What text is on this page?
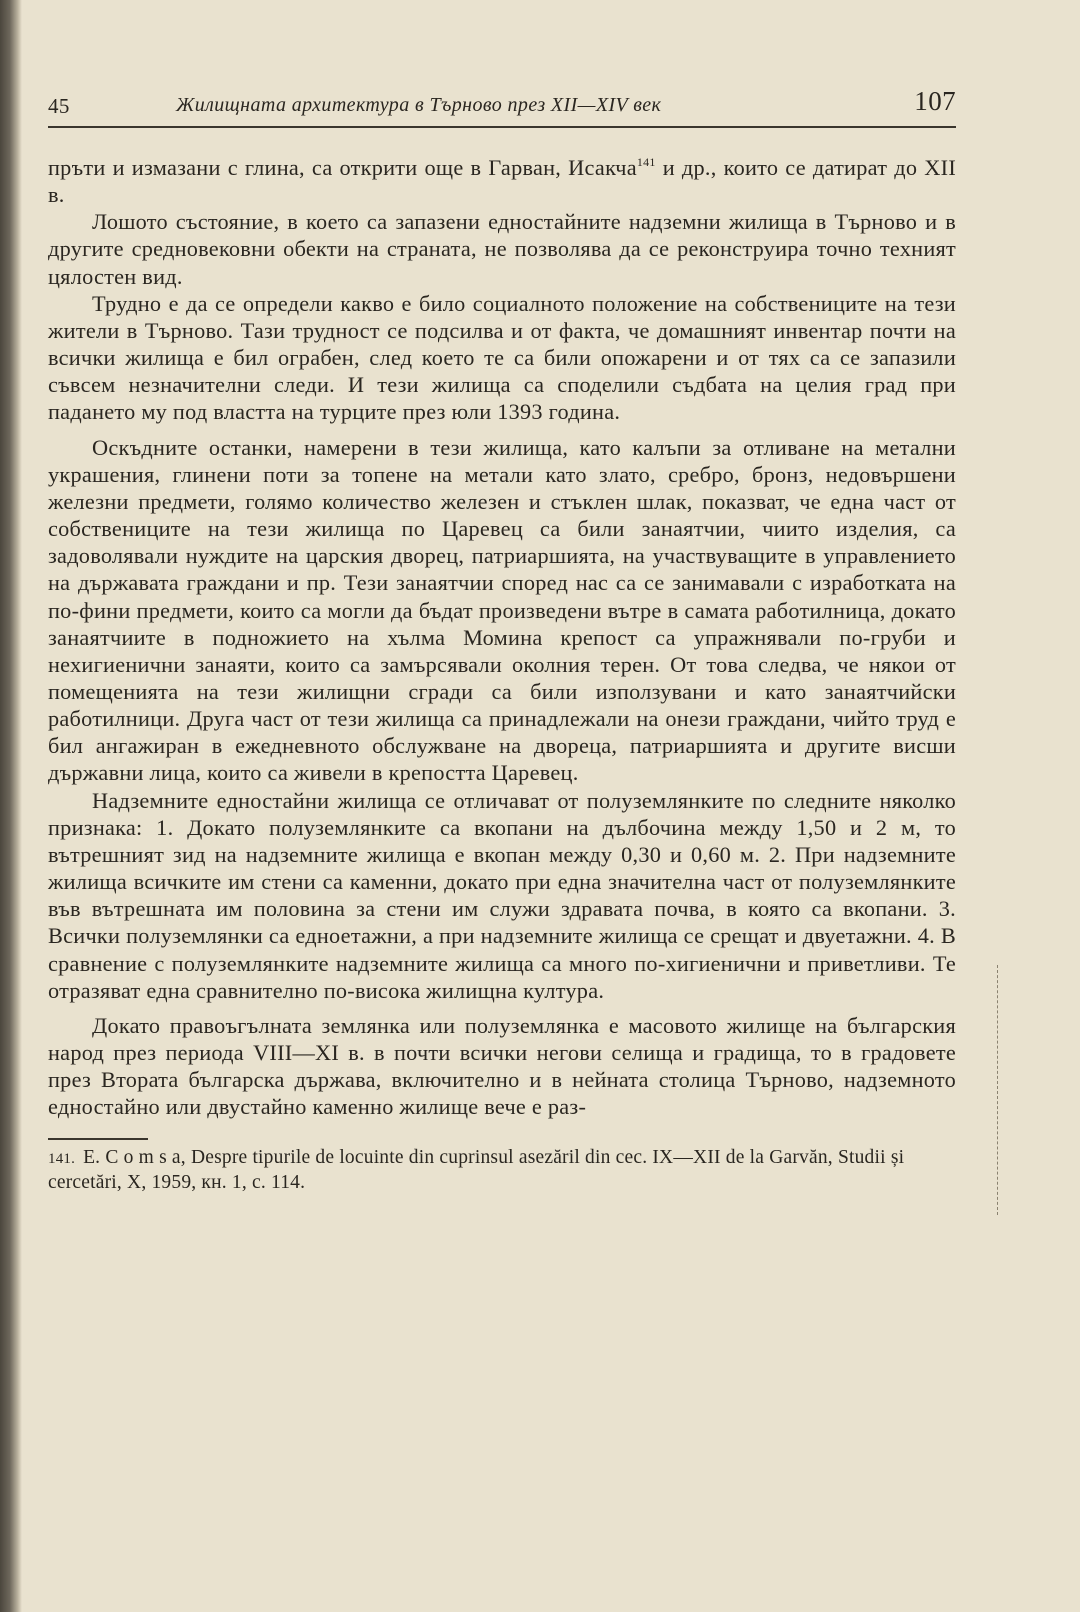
45	Жилищната архитектура в Търново през XII—XIV век	107

пръти и измазани с глина, са открити още в Гарван, Исакча$^{141}$ и др., които се датират до XII в.

Лошото състояние, в което са запазени едностайните надземни жилища в Търново и в другите средновековни обекти на страната, не позволява да се реконструира точно техният цялостен вид.

Трудно е да се определи какво е било социалното положение на собствениците на тези жители в Търново. Тази трудност се подсилва и от факта, че домашният инвентар почти на всички жилища е бил ограбен, след което те са били опожарени и от тях са се запазили съвсем незначителни следи. И тези жилища са споделили съдбата на целия град при падането му под властта на турците през юли 1393 година.

Оскъдните останки, намерени в тези жилища, като калъпи за отливане на метални украшения, глинени поти за топене на метали като злато, сребро, бронз, недовършени железни предмети, голямо количество железен и стъклен шлак, показват, че една част от собствениците на тези жилища по Царевец са били занаятчии, чиито изделия, са задоволявали нуждите на царския дворец, патриаршията, на участвуващите в управлението на държавата граждани и пр. Тези занаятчии според нас са се занимавали с изработката на по-фини предмети, които са могли да бъдат произведени вътре в самата работилница, докато занаятчиите в подножието на хълма Момина крепост са упражнявали по-груби и нехигиенични занаяти, които са замърсявали околния терен. От това следва, че някои от помещенията на тези жилищни сгради са били използувани и като занаятчийски работилници. Друга част от тези жилища са принадлежали на онези граждани, чийто труд е бил ангажиран в ежедневното обслужване на двореца, патриаршията и другите висши държавни лица, които са живели в крепостта Царевец.

Надземните едностайни жилища се отличават от полуземлянките по следните няколко признака: 1. Докато полуземлянките са вкопани на дълбочина между 1,50 и 2 м, то вътрешният зид на надземните жилища е вкопан между 0,30 и 0,60 м. 2. При надземните жилища всичките им стени са каменни, докато при една значителна част от полуземлянките във вътрешната им половина за стени им служи здравата почва, в която са вкопани. 3. Всички полуземлянки са едноетажни, а при надземните жилища се срещат и двуетажни. 4. В сравнение с полуземлянките надземните жилища са много по-хигиенични и приветливи. Те отразяват една сравнително по-висока жилищна култура.

Докато правоъгълната землянка или полуземлянка е масовото жилище на българския народ през периода VIII—XI в. в почти всички негови селища и градища, то в градовете през Втората българска държава, включително и в нейната столица Търново, надземното едностайно или двустайно каменно жилище вече е раз-

141. E. C o m s a, Despre tipurile de locuinte din cuprinsul asezăril din cec. IX—XII de la Garvăn, Studii și cercetări, X, 1959, кн. 1, с. 114.
